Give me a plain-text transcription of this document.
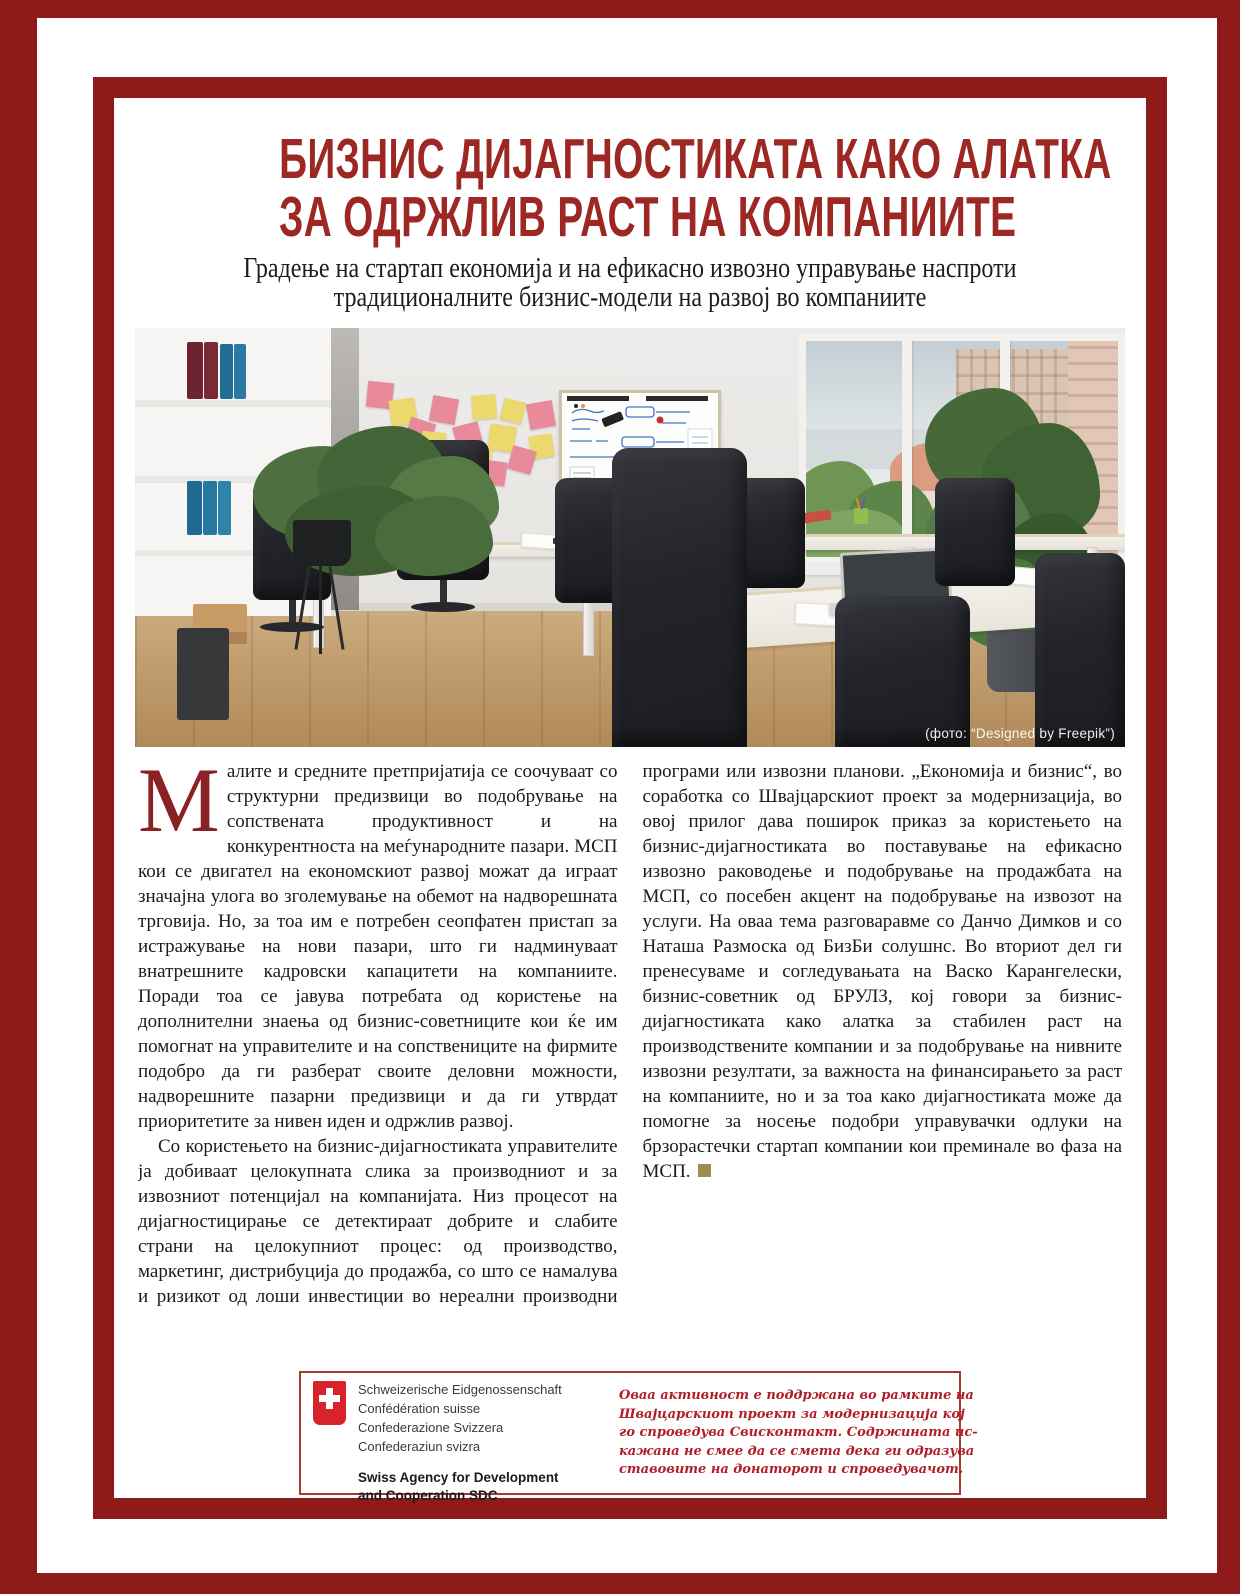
БИЗНИС ДИЈАГНОСТИКАТА КАКО АЛАТКА
ЗА ОДРЖЛИВ РАСТ НА КОМПАНИИТЕ
Градење на стартап економија и на ефикасно извозно управување наспроти
традиционалните бизнис-модели на развој во компаниите
(фото: “Designed by Freepik”)

Малите и средните претпријатија се соочуваат со структурни предизвици во подобрување на сопствената продуктивност и на конкурентноста на меѓународните пазари. МСП кои се двигател на економскиот развој можат да играат значајна улога во зголемување на обемот на надворешната трговија. Но, за тоа им е потребен сеопфатен пристап за истражување на нови пазари, што ги надминуваат внатрешните кадровски капацитети на компаниите. Поради тоа се јавува потребата од користење на дополнителни знаења од бизнис-советниците кои ќе им помогнат на управителите и на сопствениците на фирмите подобро да ги разберат своите деловни можности, надворешните пазарни предизвици и да ги утврдат приоритетите за нивен иден и одржлив развој.

Со користењето на бизнис-дијагностиката управителите ја добиваат целокупната слика за производниот и за извозниот потенцијал на компанијата. Низ процесот на дијагностицирање се детектираат добрите и слабите страни на целокупниот процес: од производство, маркетинг, дистрибуција до продажба, со што се намалува и ризикот од лоши инвестиции во нереални производни програми или извозни планови. „Економија и бизнис“, во соработка со Швајцарскиот проект за модернизација, во овој прилог дава поширок приказ за користењето на бизнис-дијагностиката во поставување на ефикасно извозно раководење и подобрување на продажбата на МСП, со посебен акцент на подобрување на извозот на услуги. На оваа тема разговаравме со Данчо Димков и со Наташа Размоска од БизБи солушнс. Во вториот дел ги пренесуваме и согледувањата на Васко Карангелески, бизнис-советник од БРУЛЗ, кој говори за бизнис-дијагностиката како алатка за стабилен раст на производствените компании и за подобрување на нивните извозни резултати, за важноста на финансирањето за раст на компаниите, но и за тоа како дијагностиката може да помогне за носење подобри управувачки одлуки на брзорастечки стартап компании кои преминале во фаза на МСП.

Schweizerische Eidgenossenschaft
Confédération suisse
Confederazione Svizzera
Confederaziun svizra
Swiss Agency for Development
and Cooperation SDC
Оваа активност е поддржана во рамките на
Швајцарскиот проект за модернизација кој
го спроведува Свисконтакт. Содржината ис-
кажана не смее да се смета дека ги одразува
ставовите на донаторот и спроведувачот.
